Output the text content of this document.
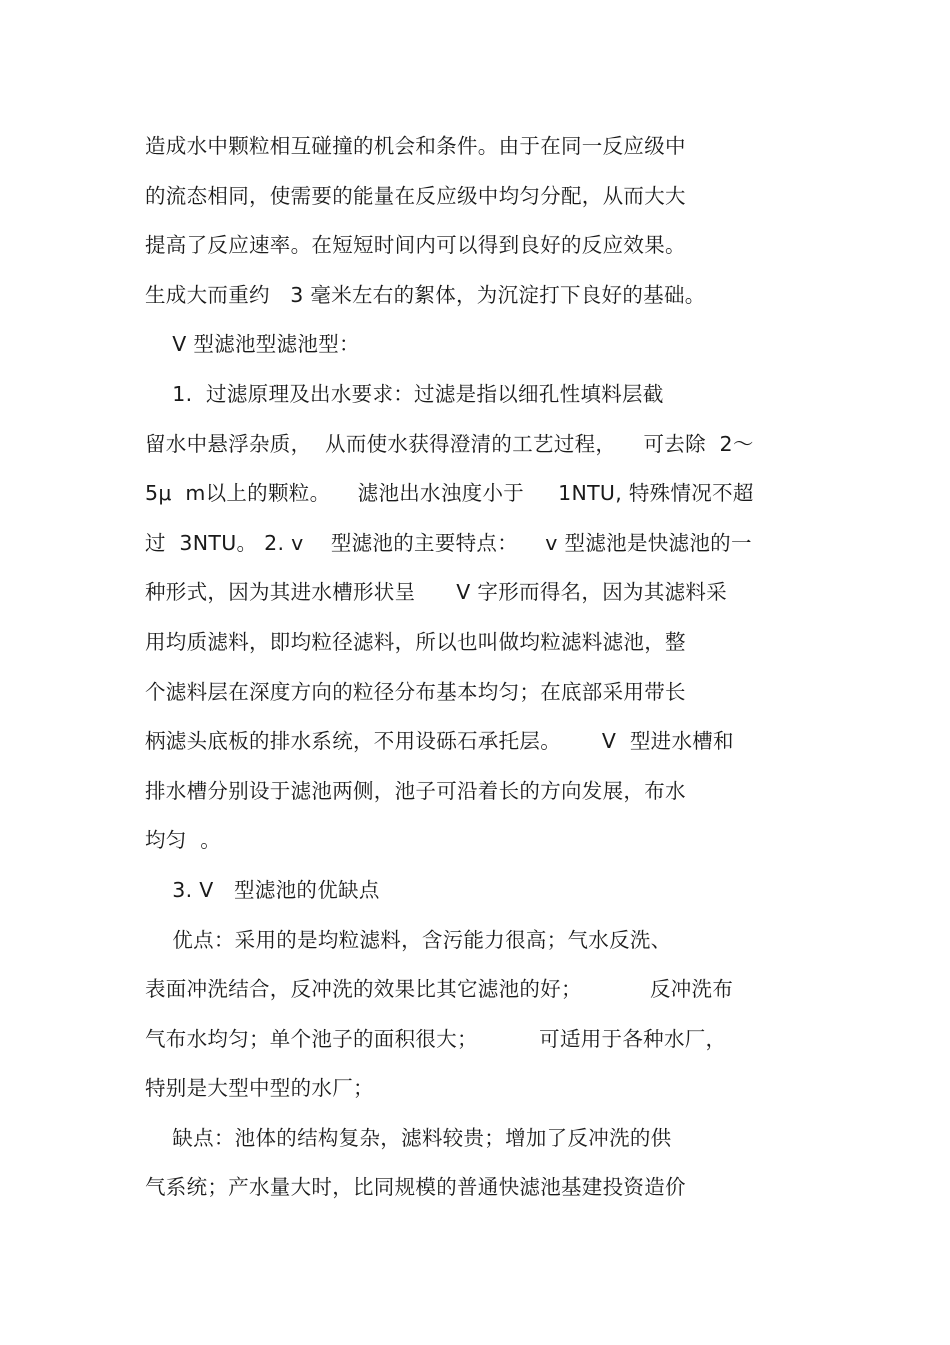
造成水中颗粒相互碰撞的机会和条件。由于在同一反应级中
的流态相同，使需要的能量在反应级中均匀分配，从而大大
提高了反应速率。在短短时间内可以得到良好的反应效果。
生成大而重约   3 毫米左右的絮体，为沉淀打下良好的基础。
V 型滤池型滤池型：
1.  过滤原理及出水要求：过滤是指以细孔性填料层截
留水中悬浮杂质，  从而使水获得澄清的工艺过程，    可去除  2～
5μ  m以上的颗粒。    滤池出水浊度小于     1NTU, 特殊情况不超
过  3NTU。 2. v    型滤池的主要特点：    v 型滤池是快滤池的一
种形式，因为其进水槽形状呈      V 字形而得名，因为其滤料采
用均质滤料，即均粒径滤料，所以也叫做均粒滤料滤池，整
个滤料层在深度方向的粒径分布基本均匀；在底部采用带长
柄滤头底板的排水系统，不用设砾石承托层。      V  型进水槽和
排水槽分别设于滤池两侧，池子可沿着长的方向发展，布水
均匀  。
3. V   型滤池的优缺点
优点：采用的是均粒滤料，含污能力很高；气水反洗、
表面冲洗结合，反冲洗的效果比其它滤池的好；          反冲洗布
气布水均匀；单个池子的面积很大；         可适用于各种水厂，
特别是大型中型的水厂；
缺点：池体的结构复杂，滤料较贵；增加了反冲洗的供
气系统；产水量大时，比同规模的普通快滤池基建投资造价
